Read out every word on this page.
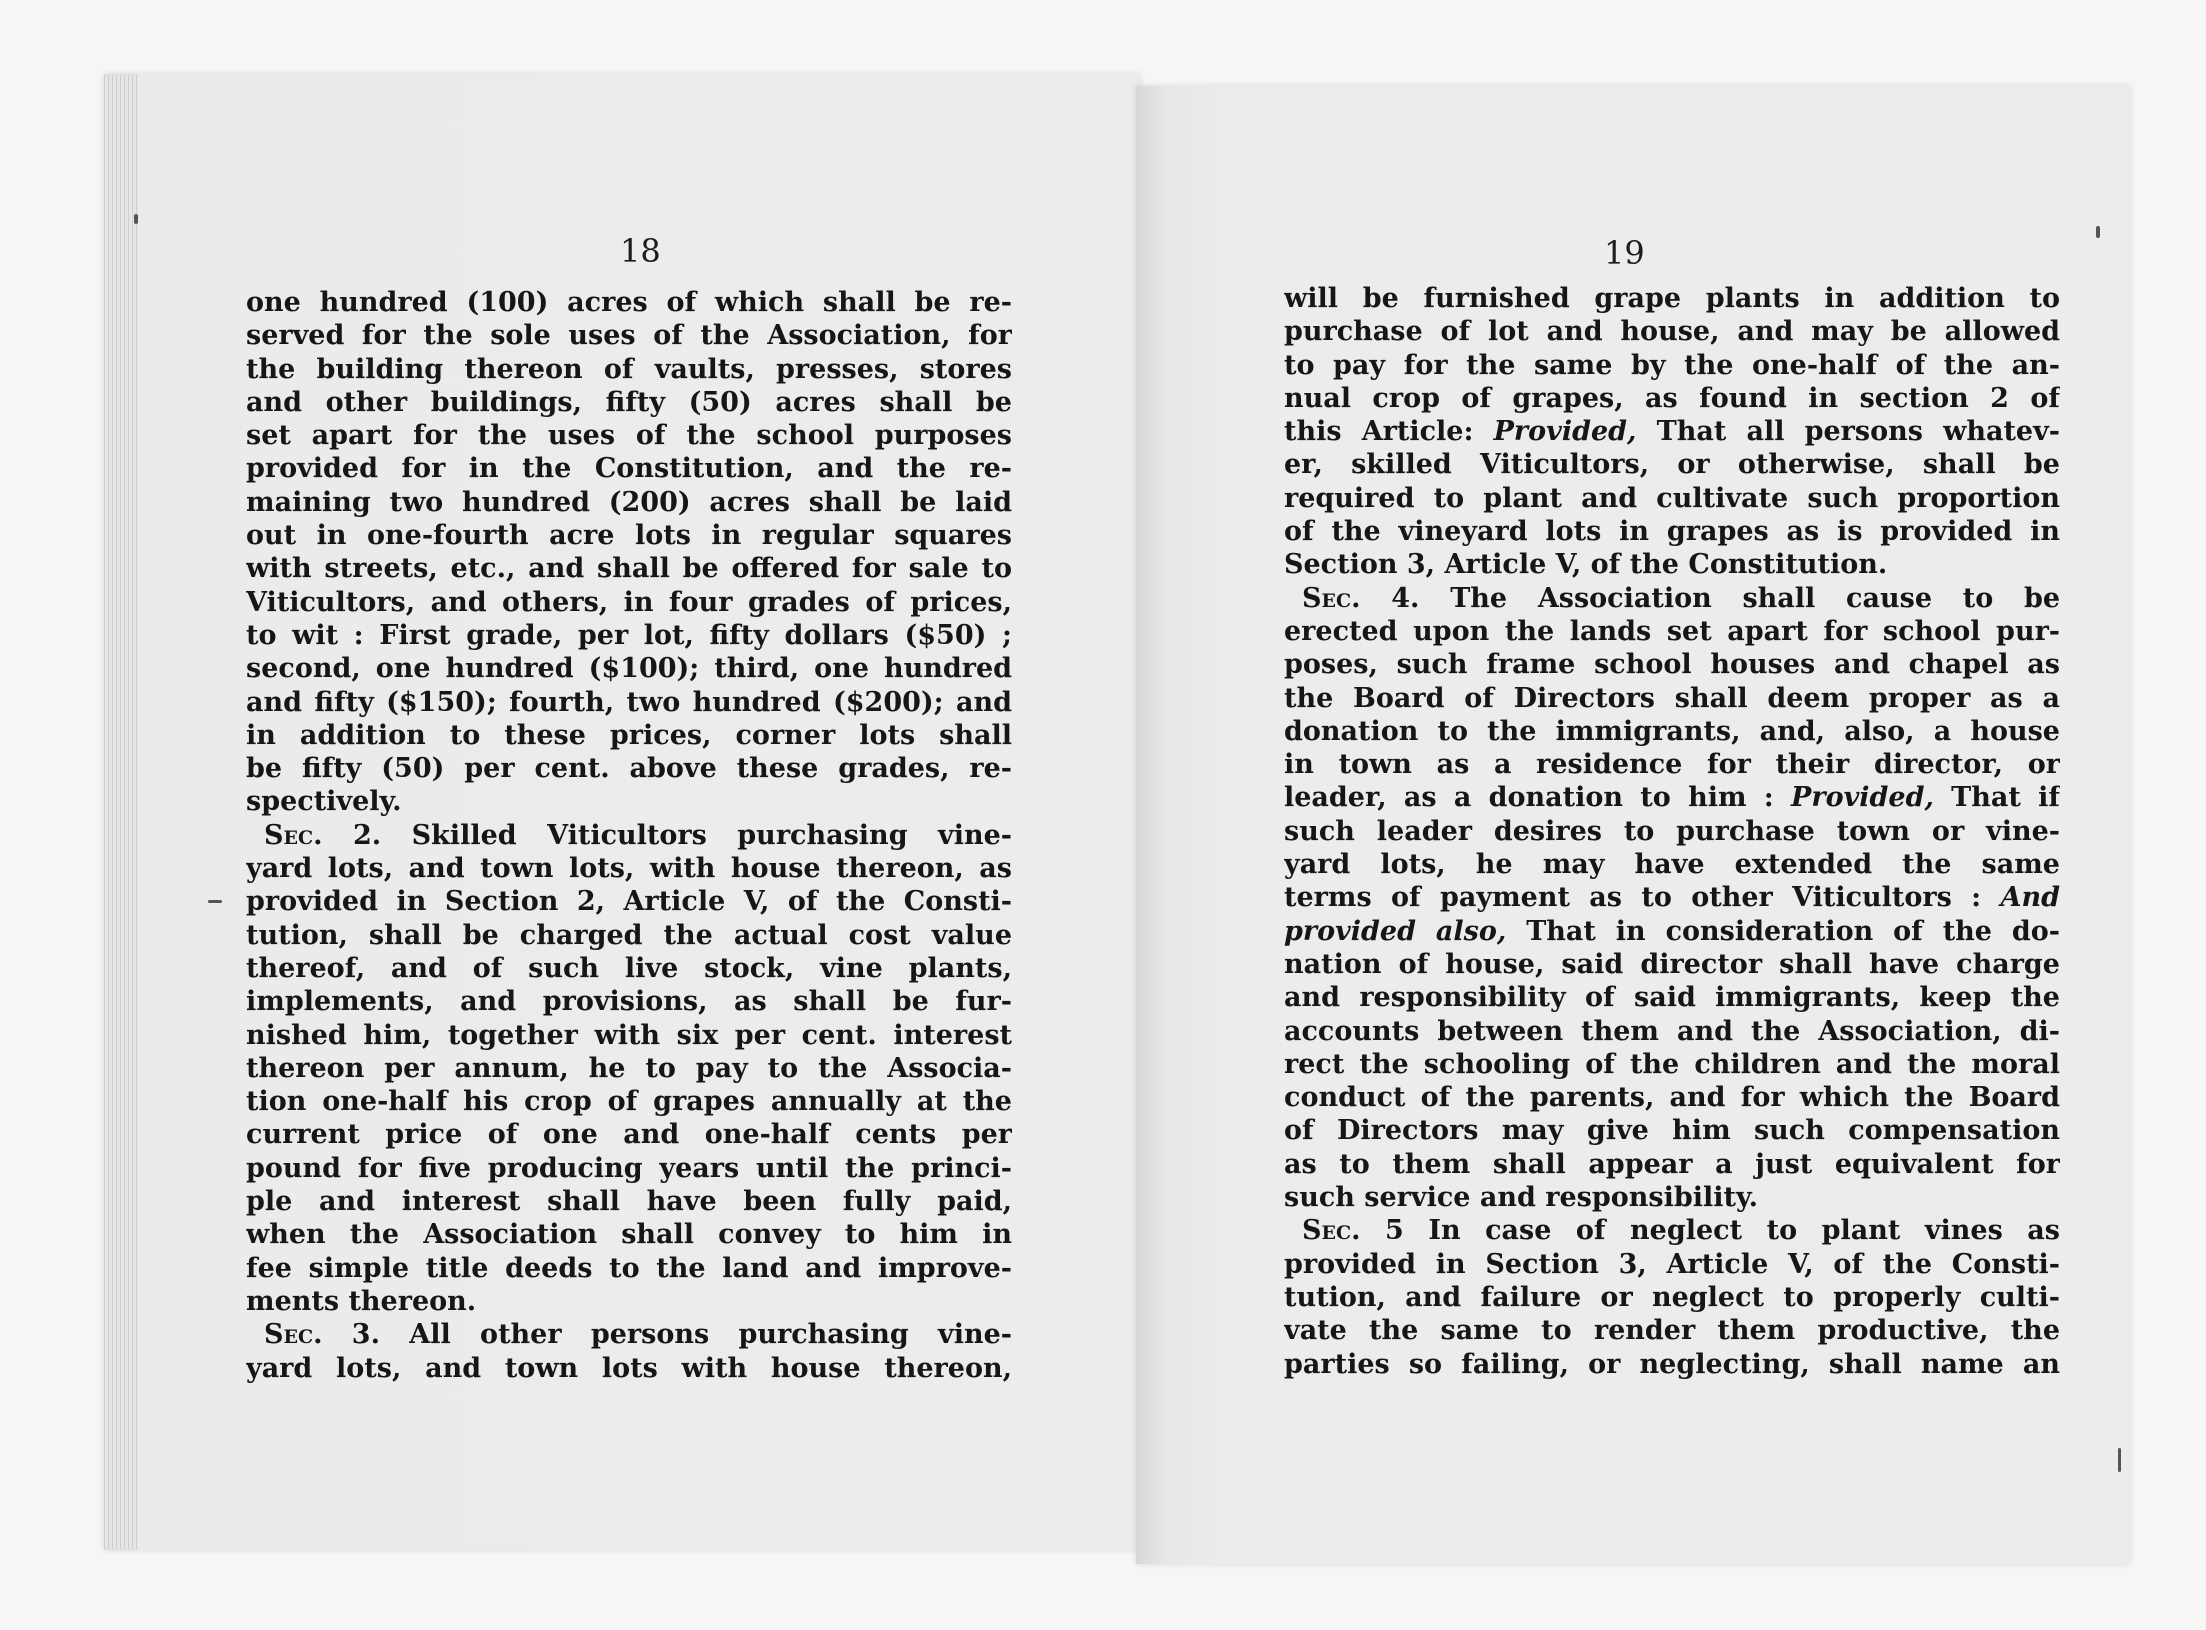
18

one hundred (100) acres of which shall be re-
served for the sole uses of the Association, for
the building thereon of vaults, presses, stores
and other buildings, fifty (50) acres shall be
set apart for the uses of the school purposes
provided for in the Constitution, and the re-
maining two hundred (200) acres shall be laid
out in one-fourth acre lots in regular squares
with streets, etc., and shall be offered for sale to
Viticultors, and others, in four grades of prices,
to wit : First grade, per lot, fifty dollars ($50) ;
second, one hundred ($100); third, one hundred
and fifty ($150); fourth, two hundred ($200); and
in addition to these prices, corner lots shall
be fifty (50) per cent. above these grades, re-
spectively.
Sec. 2. Skilled Viticultors purchasing vine-
yard lots, and town lots, with house thereon, as
provided in Section 2, Article V, of the Consti-
tution, shall be charged the actual cost value
thereof, and of such live stock, vine plants,
implements, and provisions, as shall be fur-
nished him, together with six per cent. interest
thereon per annum, he to pay to the Associa-
tion one-half his crop of grapes annually at the
current price of one and one-half cents per
pound for five producing years until the princi-
ple and interest shall have been fully paid,
when the Association shall convey to him in
fee simple title deeds to the land and improve-
ments thereon.
Sec. 3. All other persons purchasing vine-
yard lots, and town lots with house thereon,

19

will be furnished grape plants in addition to
purchase of lot and house, and may be allowed
to pay for the same by the one-half of the an-
nual crop of grapes, as found in section 2 of
this Article: Provided, That all persons whatev-
er, skilled Viticultors, or otherwise, shall be
required to plant and cultivate such proportion
of the vineyard lots in grapes as is provided in
Section 3, Article V, of the Constitution.
Sec. 4. The Association shall cause to be
erected upon the lands set apart for school pur-
poses, such frame school houses and chapel as
the Board of Directors shall deem proper as a
donation to the immigrants, and, also, a house
in town as a residence for their director, or
leader, as a donation to him : Provided, That if
such leader desires to purchase town or vine-
yard lots, he may have extended the same
terms of payment as to other Viticultors : And
provided also, That in consideration of the do-
nation of house, said director shall have charge
and responsibility of said immigrants, keep the
accounts between them and the Association, di-
rect the schooling of the children and the moral
conduct of the parents, and for which the Board
of Directors may give him such compensation
as to them shall appear a just equivalent for
such service and responsibility.
Sec. 5 In case of neglect to plant vines as
provided in Section 3, Article V, of the Consti-
tution, and failure or neglect to properly culti-
vate the same to render them productive, the
parties so failing, or neglecting, shall name an
